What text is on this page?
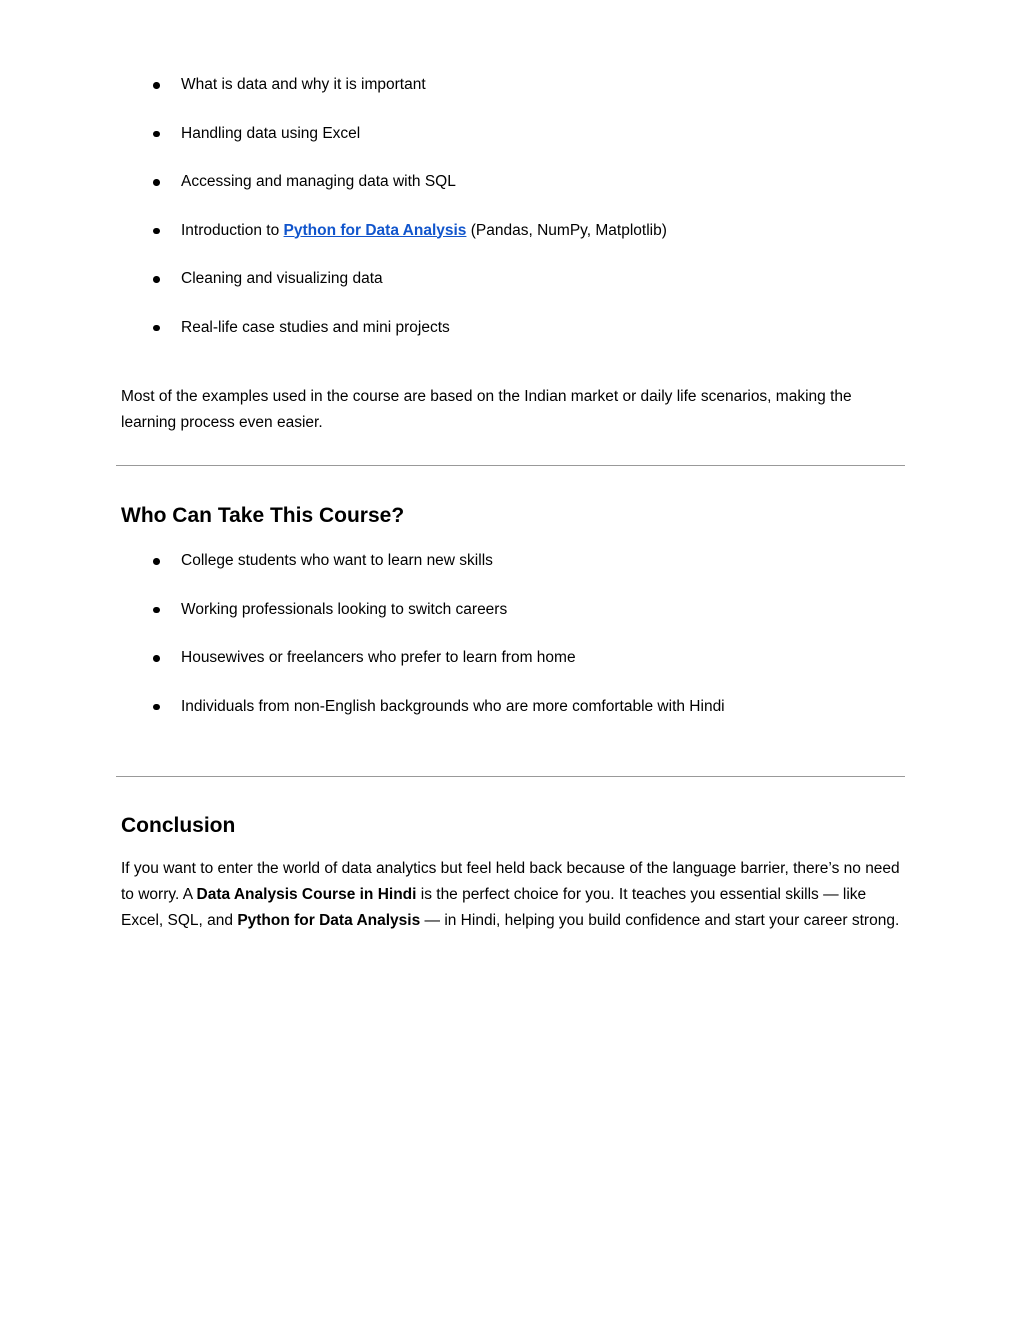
What is data and why it is important
Handling data using Excel
Accessing and managing data with SQL
Introduction to Python for Data Analysis (Pandas, NumPy, Matplotlib)
Cleaning and visualizing data
Real-life case studies and mini projects

Most of the examples used in the course are based on the Indian market or daily life scenarios, making the learning process even easier.

Who Can Take This Course?
College students who want to learn new skills
Working professionals looking to switch careers
Housewives or freelancers who prefer to learn from home
Individuals from non-English backgrounds who are more comfortable with Hindi
Conclusion

If you want to enter the world of data analytics but feel held back because of the language barrier, there’s no need to worry. A Data Analysis Course in Hindi is the perfect choice for you. It teaches you essential skills — like Excel, SQL, and Python for Data Analysis — in Hindi, helping you build confidence and start your career strong.
